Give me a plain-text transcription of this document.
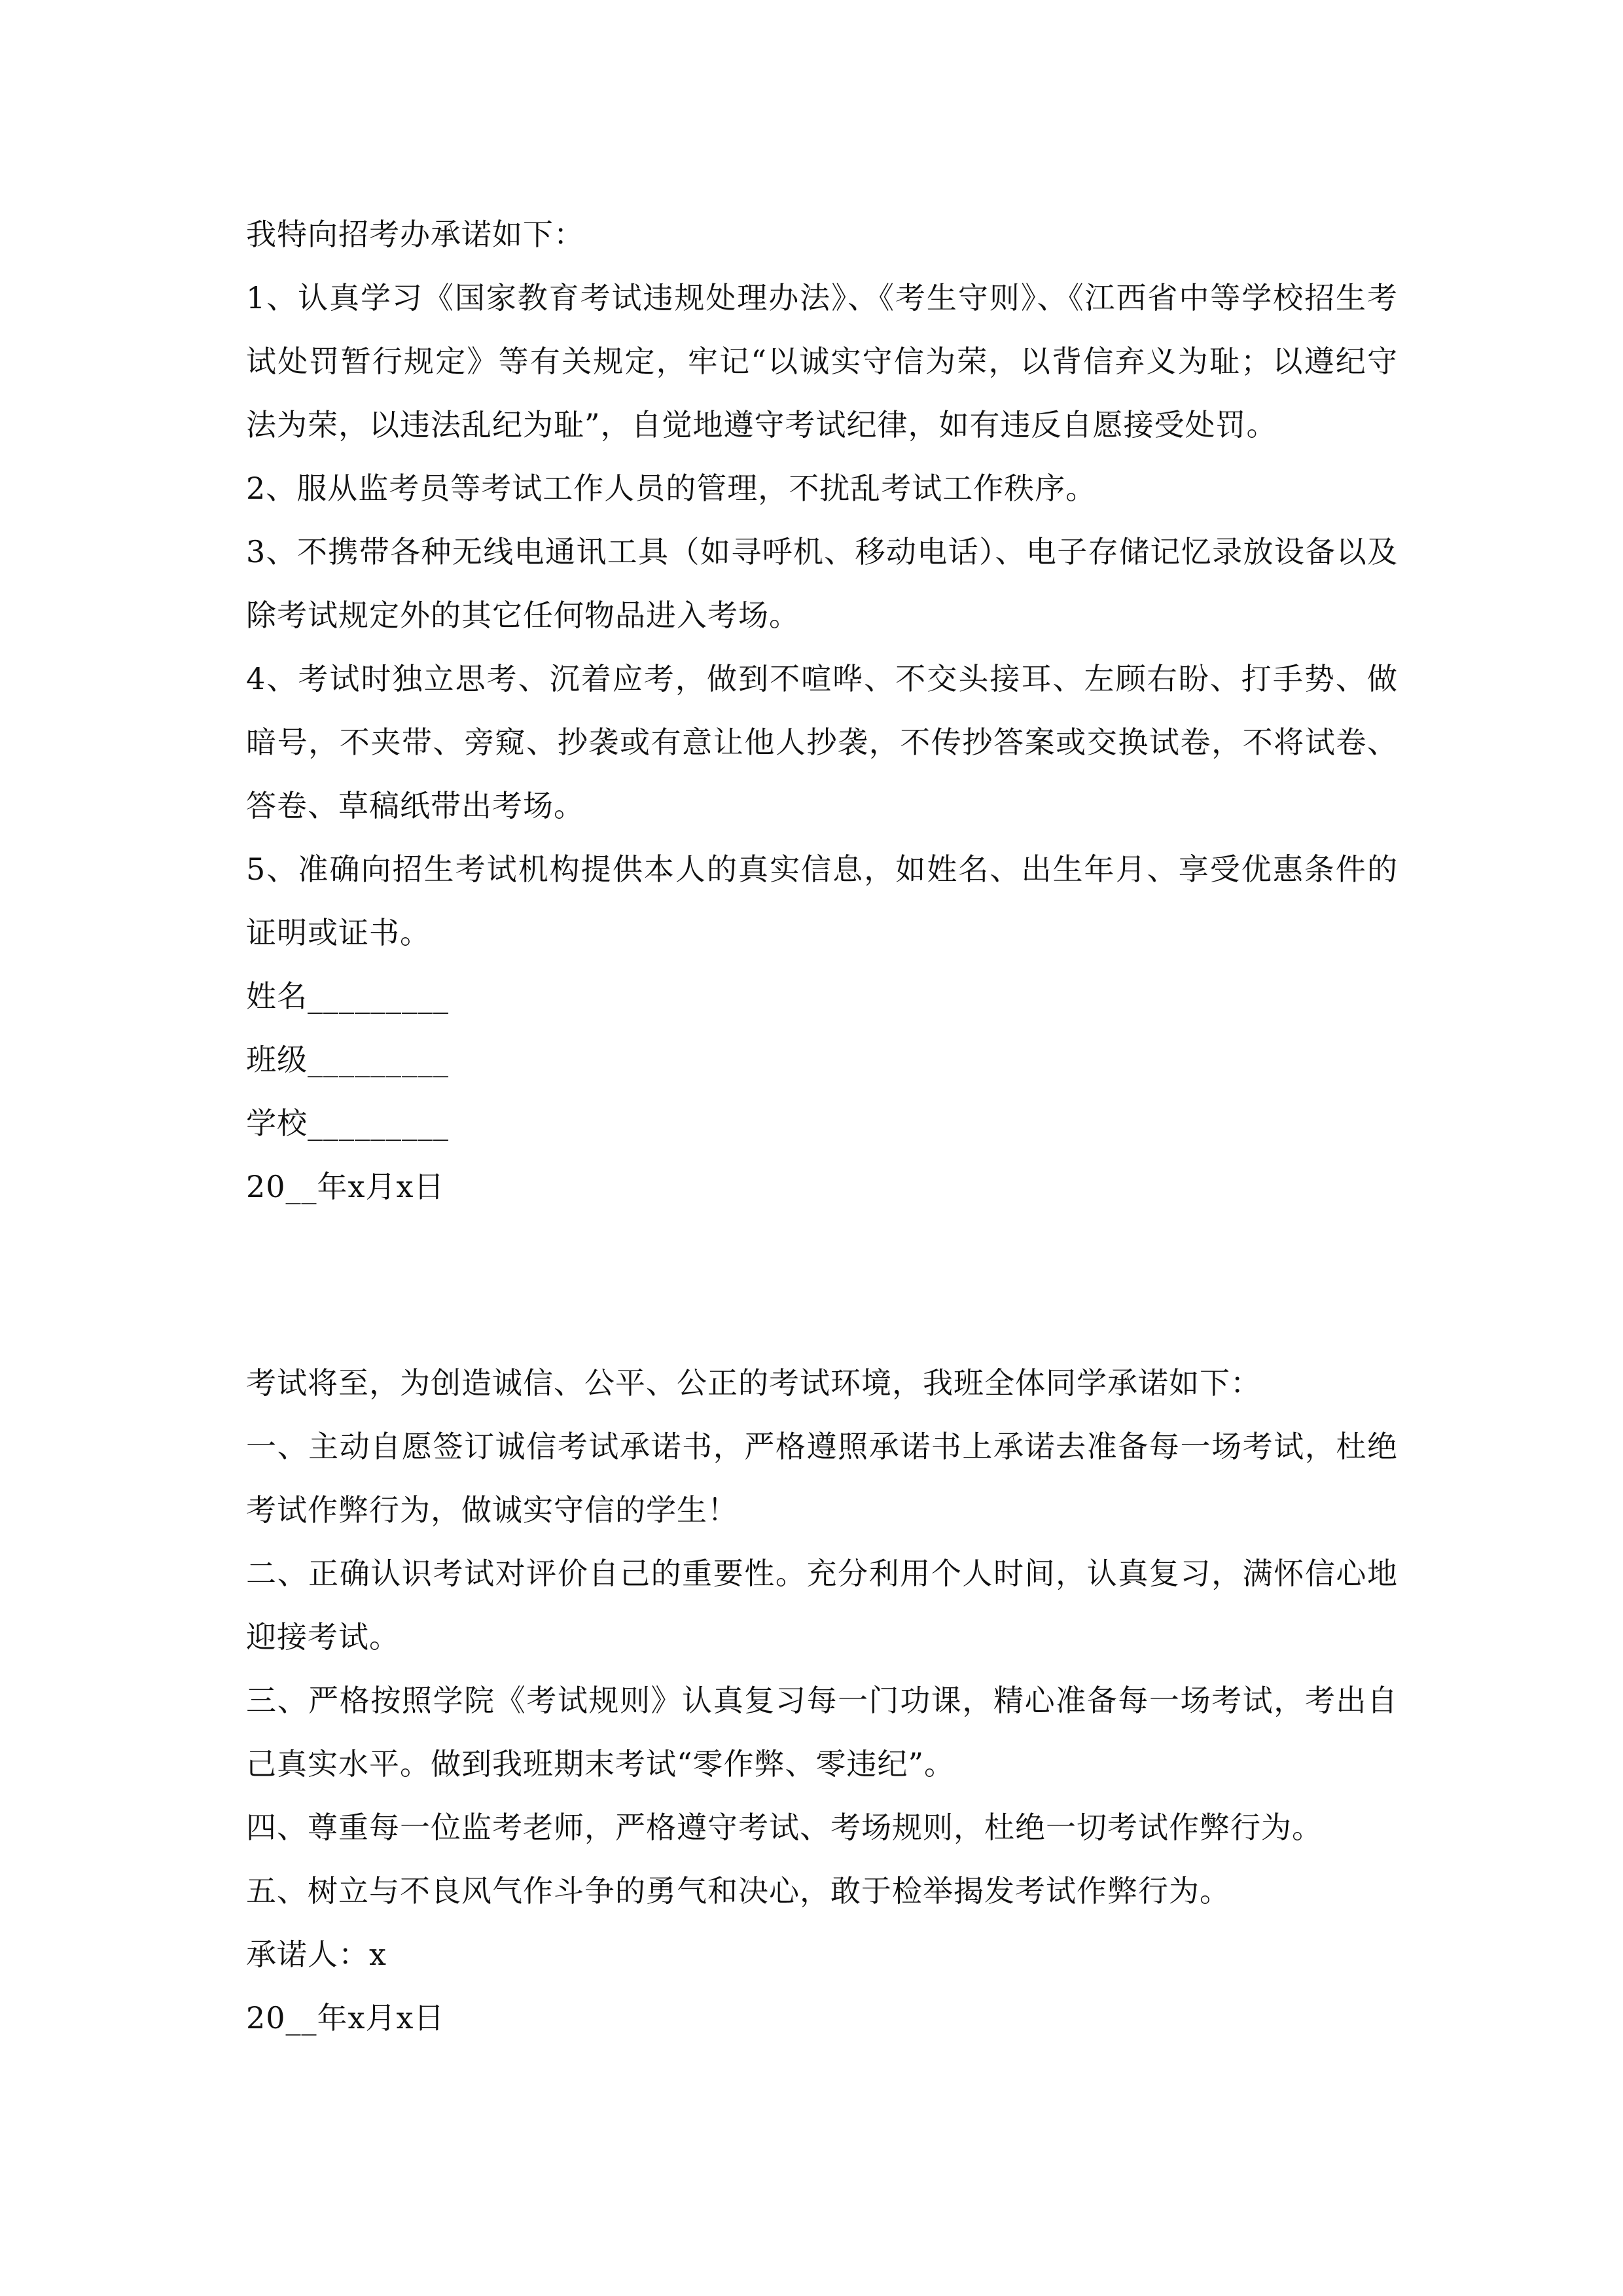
我特向招考办承诺如下：
1、认真学习《国家教育考试违规处理办法》、《考生守则》、《江西省中等学校招生考试处罚暂行规定》等有关规定，牢记“以诚实守信为荣，以背信弃义为耻；以遵纪守法为荣，以违法乱纪为耻”，自觉地遵守考试纪律，如有违反自愿接受处罚。
2、服从监考员等考试工作人员的管理，不扰乱考试工作秩序。
3、不携带各种无线电通讯工具（如寻呼机、移动电话）、电子存储记忆录放设备以及除考试规定外的其它任何物品进入考场。
4、考试时独立思考、沉着应考，做到不喧哗、不交头接耳、左顾右盼、打手势、做暗号，不夹带、旁窥、抄袭或有意让他人抄袭，不传抄答案或交换试卷，不将试卷、答卷、草稿纸带出考场。
5、准确向招生考试机构提供本人的真实信息，如姓名、出生年月、享受优惠条件的证明或证书。
姓名_________
班级_________
学校_________
20__年x月x日
考试将至，为创造诚信、公平、公正的考试环境，我班全体同学承诺如下：
一、主动自愿签订诚信考试承诺书，严格遵照承诺书上承诺去准备每一场考试，杜绝考试作弊行为，做诚实守信的学生！
二、正确认识考试对评价自己的重要性。充分利用个人时间，认真复习，满怀信心地迎接考试。
三、严格按照学院《考试规则》认真复习每一门功课，精心准备每一场考试，考出自己真实水平。做到我班期末考试“零作弊、零违纪”。
四、尊重每一位监考老师，严格遵守考试、考场规则，杜绝一切考试作弊行为。
五、树立与不良风气作斗争的勇气和决心，敢于检举揭发考试作弊行为。
承诺人：x
20__年x月x日
